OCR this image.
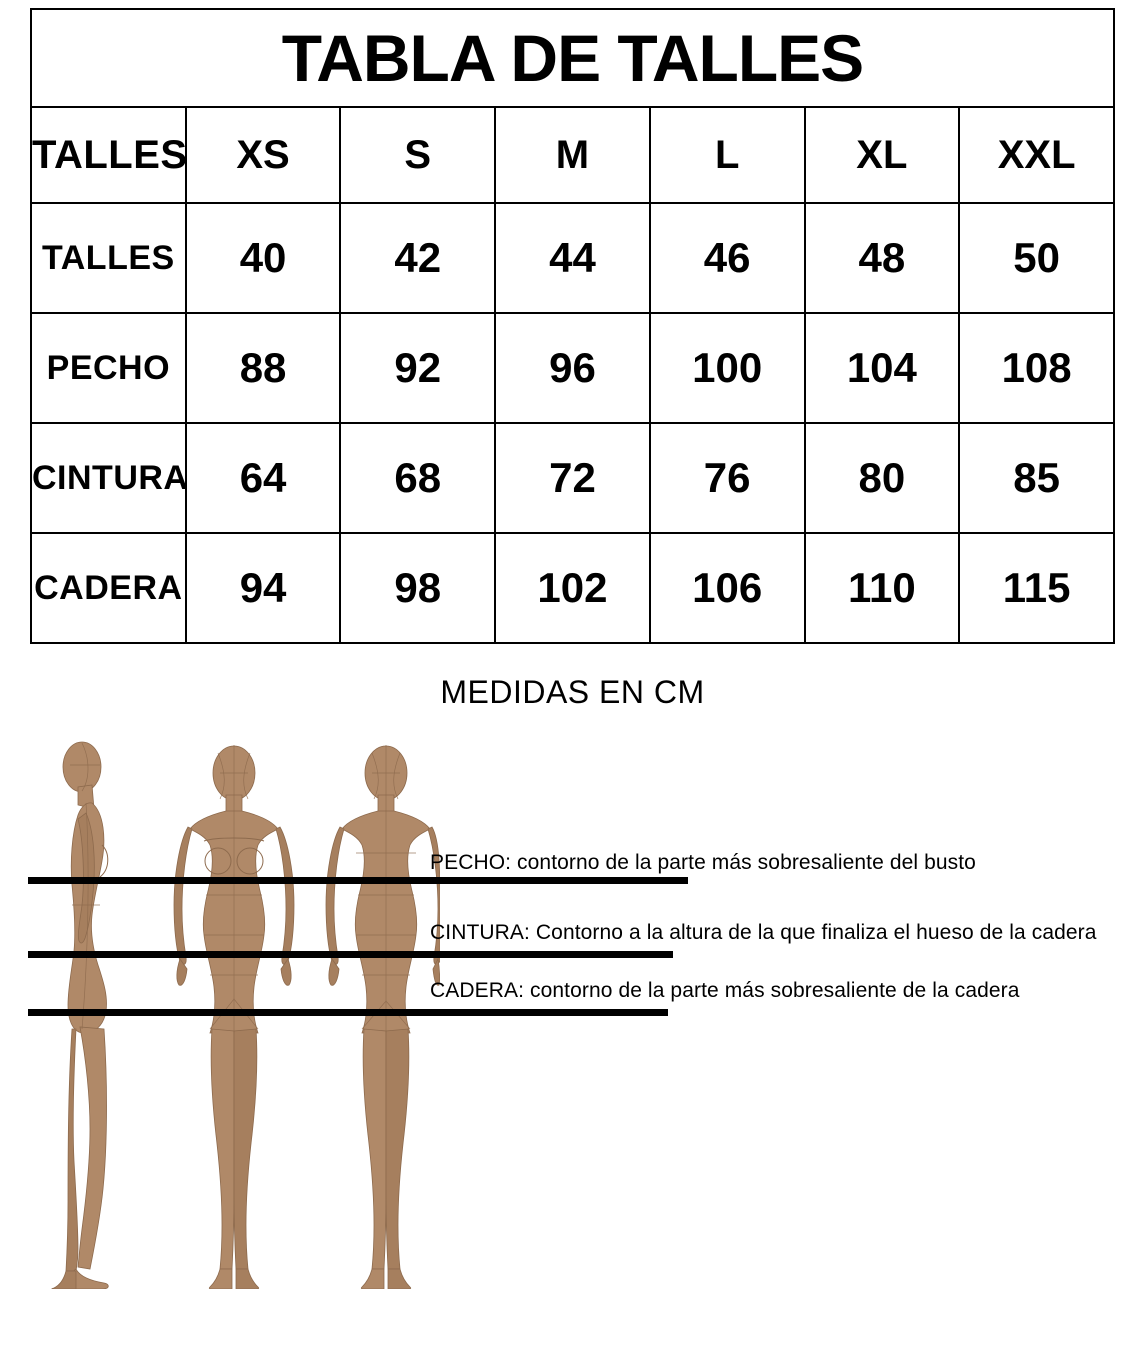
TABLA DE TALLES						
TALLES	XS	S	M	L	XL	XXL
TALLES	40	42	44	46	48	50
PECHO	88	92	96	100	104	108
CINTURA	64	68	72	76	80	85
CADERA	94	98	102	106	110	115
MEDIDAS EN CM
PECHO: contorno de la parte más sobresaliente del busto
CINTURA: Contorno a la altura de la que finaliza el hueso de la cadera
CADERA: contorno de la parte más sobresaliente de la cadera
